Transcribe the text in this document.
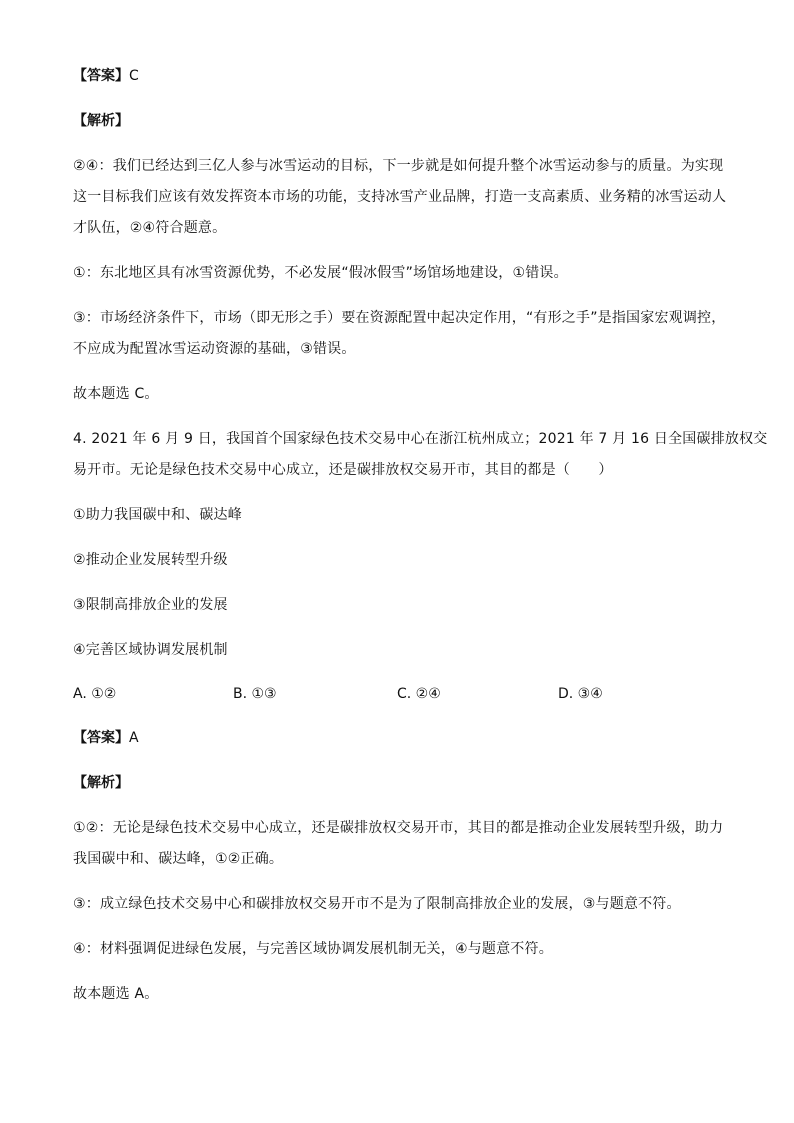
【答案】C
【解析】
②④：我们已经达到三亿人参与冰雪运动的目标，下一步就是如何提升整个冰雪运动参与的质量。为实现
这一目标我们应该有效发挥资本市场的功能，支持冰雪产业品牌，打造一支高素质、业务精的冰雪运动人
才队伍，②④符合题意。
①：东北地区具有冰雪资源优势，不必发展“假冰假雪”场馆场地建设，①错误。
③：市场经济条件下，市场（即无形之手）要在资源配置中起决定作用，“有形之手”是指国家宏观调控，
不应成为配置冰雪运动资源的基础，③错误。
故本题选 C。
4. 2021 年 6 月 9 日，我国首个国家绿色技术交易中心在浙江杭州成立；2021 年 7 月 16 日全国碳排放权交
易开市。无论是绿色技术交易中心成立，还是碳排放权交易开市，其目的都是（　　）
①助力我国碳中和、碳达峰
②推动企业发展转型升级
③限制高排放企业的发展
④完善区域协调发展机制
A. ①②	B. ①③	C. ②④	D. ③④
【答案】A
【解析】
①②：无论是绿色技术交易中心成立，还是碳排放权交易开市，其目的都是推动企业发展转型升级，助力
我国碳中和、碳达峰，①②正确。
③：成立绿色技术交易中心和碳排放权交易开市不是为了限制高排放企业的发展，③与题意不符。
④：材料强调促进绿色发展，与完善区域协调发展机制无关，④与题意不符。
故本题选 A。
